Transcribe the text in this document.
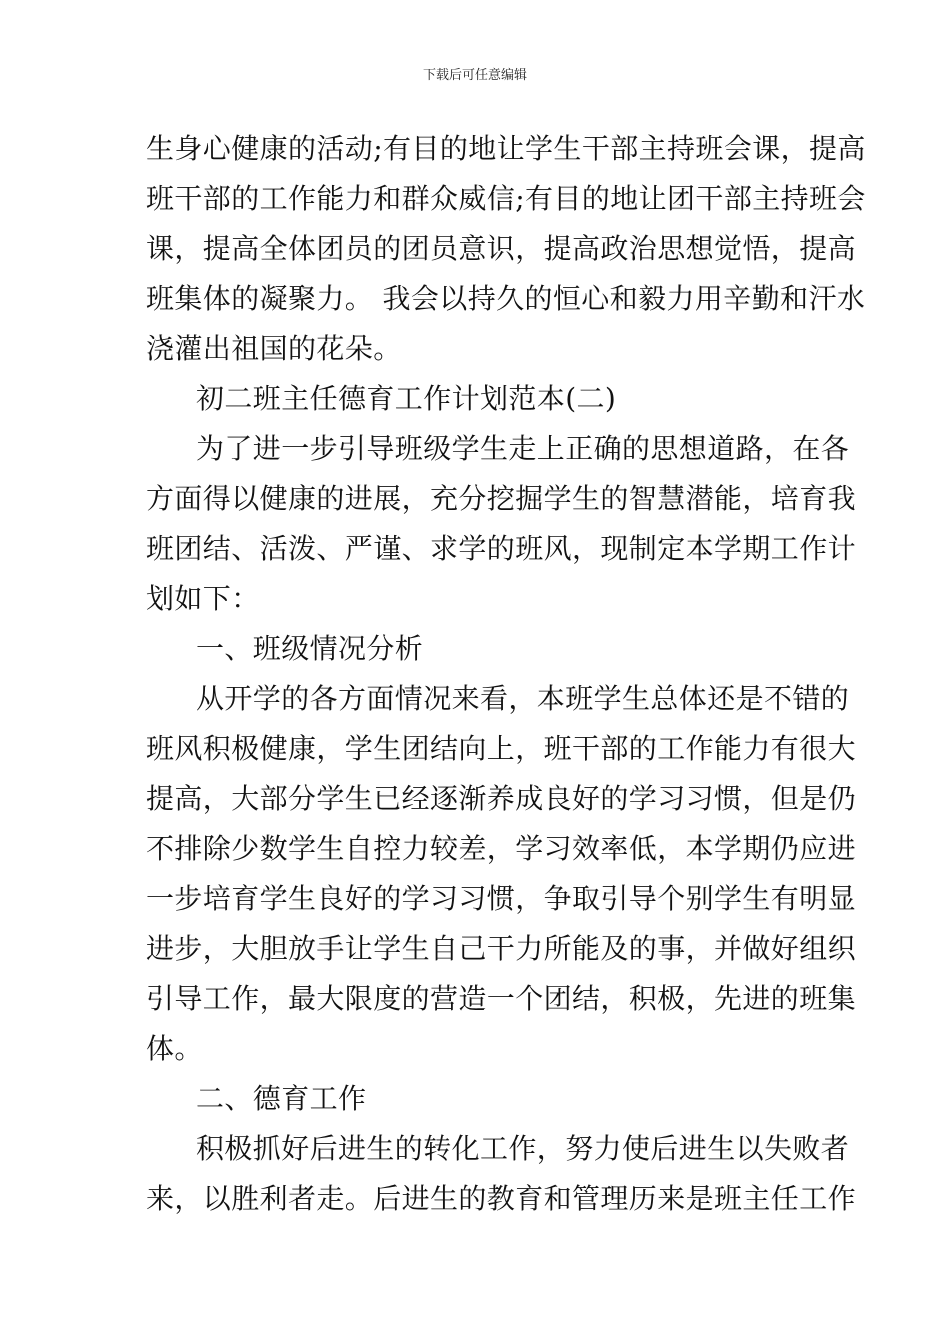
下载后可任意编辑
生身心健康的活动;有目的地让学生干部主持班会课，提高
班干部的工作能力和群众威信;有目的地让团干部主持班会
课，提高全体团员的团员意识，提高政治思想觉悟，提高
班集体的凝聚力。 我会以持久的恒心和毅力用辛勤和汗水
浇灌出祖国的花朵。
初二班主任德育工作计划范本(二)
为了进一步引导班级学生走上正确的思想道路，在各
方面得以健康的进展，充分挖掘学生的智慧潜能，培育我
班团结、活泼、严谨、求学的班风，现制定本学期工作计
划如下：
一、班级情况分析
从开学的各方面情况来看，本班学生总体还是不错的
班风积极健康，学生团结向上，班干部的工作能力有很大
提高，大部分学生已经逐渐养成良好的学习习惯，但是仍
不排除少数学生自控力较差，学习效率低，本学期仍应进
一步培育学生良好的学习习惯，争取引导个别学生有明显
进步，大胆放手让学生自己干力所能及的事，并做好组织
引导工作，最大限度的营造一个团结，积极，先进的班集
体。
二、德育工作
积极抓好后进生的转化工作，努力使后进生以失败者
来，以胜利者走。后进生的教育和管理历来是班主任工作
